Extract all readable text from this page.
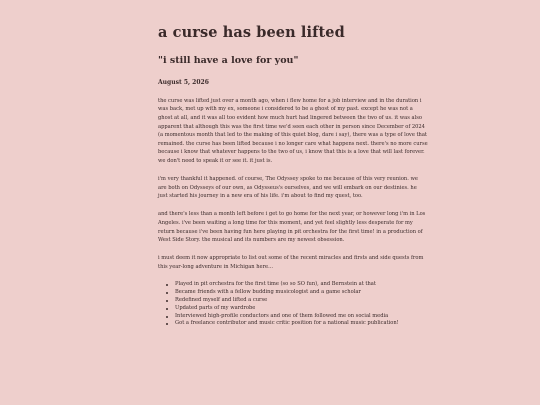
a curse has been lifted
"i still have a love for you"
August 5, 2026

the curse was lifted just over a month ago, when i flew home for a job interview and in the duration i was back, met up with my ex, someone i considered to be a ghost of my past. except he was not a ghost at all, and it was all too evident how much hurt had lingered between the two of us. it was also apparent that although this was the first time we'd seen each other in person since December of 2024 (a momentous month that led to the making of this quiet blog, dare i say), there was a type of love that remained. the curse has been lifted because i no longer care what happens next. there's no more curse because i know that whatever happens to the two of us, i know that this is a love that will last forever. we don't need to speak it or see it. it just is.

i'm very thankful it happened. of course, The Odyssey spoke to me because of this very reunion. we are both on Odysseys of our own, as Odysseus's ourselves, and we will embark on our destinies. he just started his journey in a new era of his life. i'm about to find my quest, too.

and there's less than a month left before i get to go home for the next year, or however long i'm in Los Angeles. i've been waiting a long time for this moment, and yet feel slightly less desperate for my return because i've been having fun here playing in pit orchestra for the first time! in a production of West Side Story. the musical and its numbers are my newest obsession.

i must deem it now appropriate to list out some of the recent miracles and firsts and side quests from this year-long adventure in Michigan here...

Played in pit orchestra for the first time (so so SO fun), and Bernstein at that
Became friends with a fellow budding musicologist and a game scholar
Redefined myself and lifted a curse
Updated parts of my wardrobe
Interviewed high-profile conductors and one of them followed me on social media
Got a freelance contributor and music critic position for a national music publication!
